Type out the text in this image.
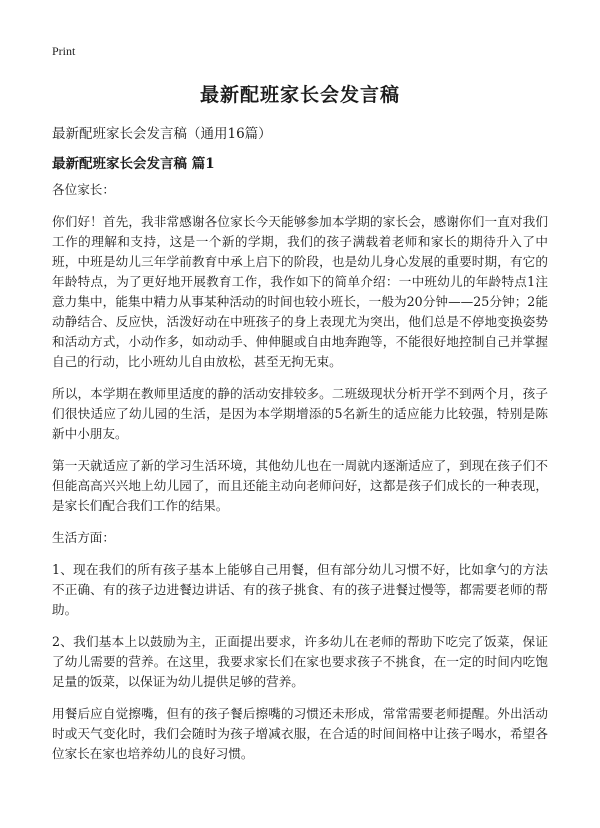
Print
最新配班家长会发言稿
最新配班家长会发言稿（通用16篇）
最新配班家长会发言稿 篇1

各位家长：

你们好！首先，我非常感谢各位家长今天能够参加本学期的家长会，感谢你们一直对我们工作的理解和支持，这是一个新的学期，我们的孩子满载着老师和家长的期待升入了中班，中班是幼儿三年学前教育中承上启下的阶段，也是幼儿身心发展的重要时期，有它的年龄特点，为了更好地开展教育工作，我作如下的简单介绍：一中班幼儿的年龄特点1注意力集中，能集中精力从事某种活动的时间也较小班长，一般为20分钟——25分钟；2能动静结合、反应快，活泼好动在中班孩子的身上表现尤为突出，他们总是不停地变换姿势和活动方式，小动作多，如动动手、伸伸腿或自由地奔跑等，不能很好地控制自己并掌握自己的行动，比小班幼儿自由放松，甚至无拘无束。

所以，本学期在教师里适度的静的活动安排较多。二班级现状分析开学不到两个月，孩子们很快适应了幼儿园的生活，是因为本学期增添的5名新生的适应能力比较强，特别是陈新中小朋友。

第一天就适应了新的学习生活环境，其他幼儿也在一周就内逐渐适应了，到现在孩子们不但能高高兴兴地上幼儿园了，而且还能主动向老师问好，这都是孩子们成长的一种表现，是家长们配合我们工作的结果。

生活方面：

1、现在我们的所有孩子基本上能够自己用餐，但有部分幼儿习惯不好，比如拿勺的方法不正确、有的孩子边进餐边讲话、有的孩子挑食、有的孩子进餐过慢等，都需要老师的帮助。

2、我们基本上以鼓励为主，正面提出要求，许多幼儿在老师的帮助下吃完了饭菜，保证了幼儿需要的营养。在这里，我要求家长们在家也要求孩子不挑食，在一定的时间内吃饱足量的饭菜，以保证为幼儿提供足够的营养。

用餐后应自觉擦嘴，但有的孩子餐后擦嘴的习惯还未形成，常常需要老师提醒。外出活动时或天气变化时，我们会随时为孩子增减衣服，在合适的时间间格中让孩子喝水，希望各位家长在家也培养幼儿的良好习惯。
